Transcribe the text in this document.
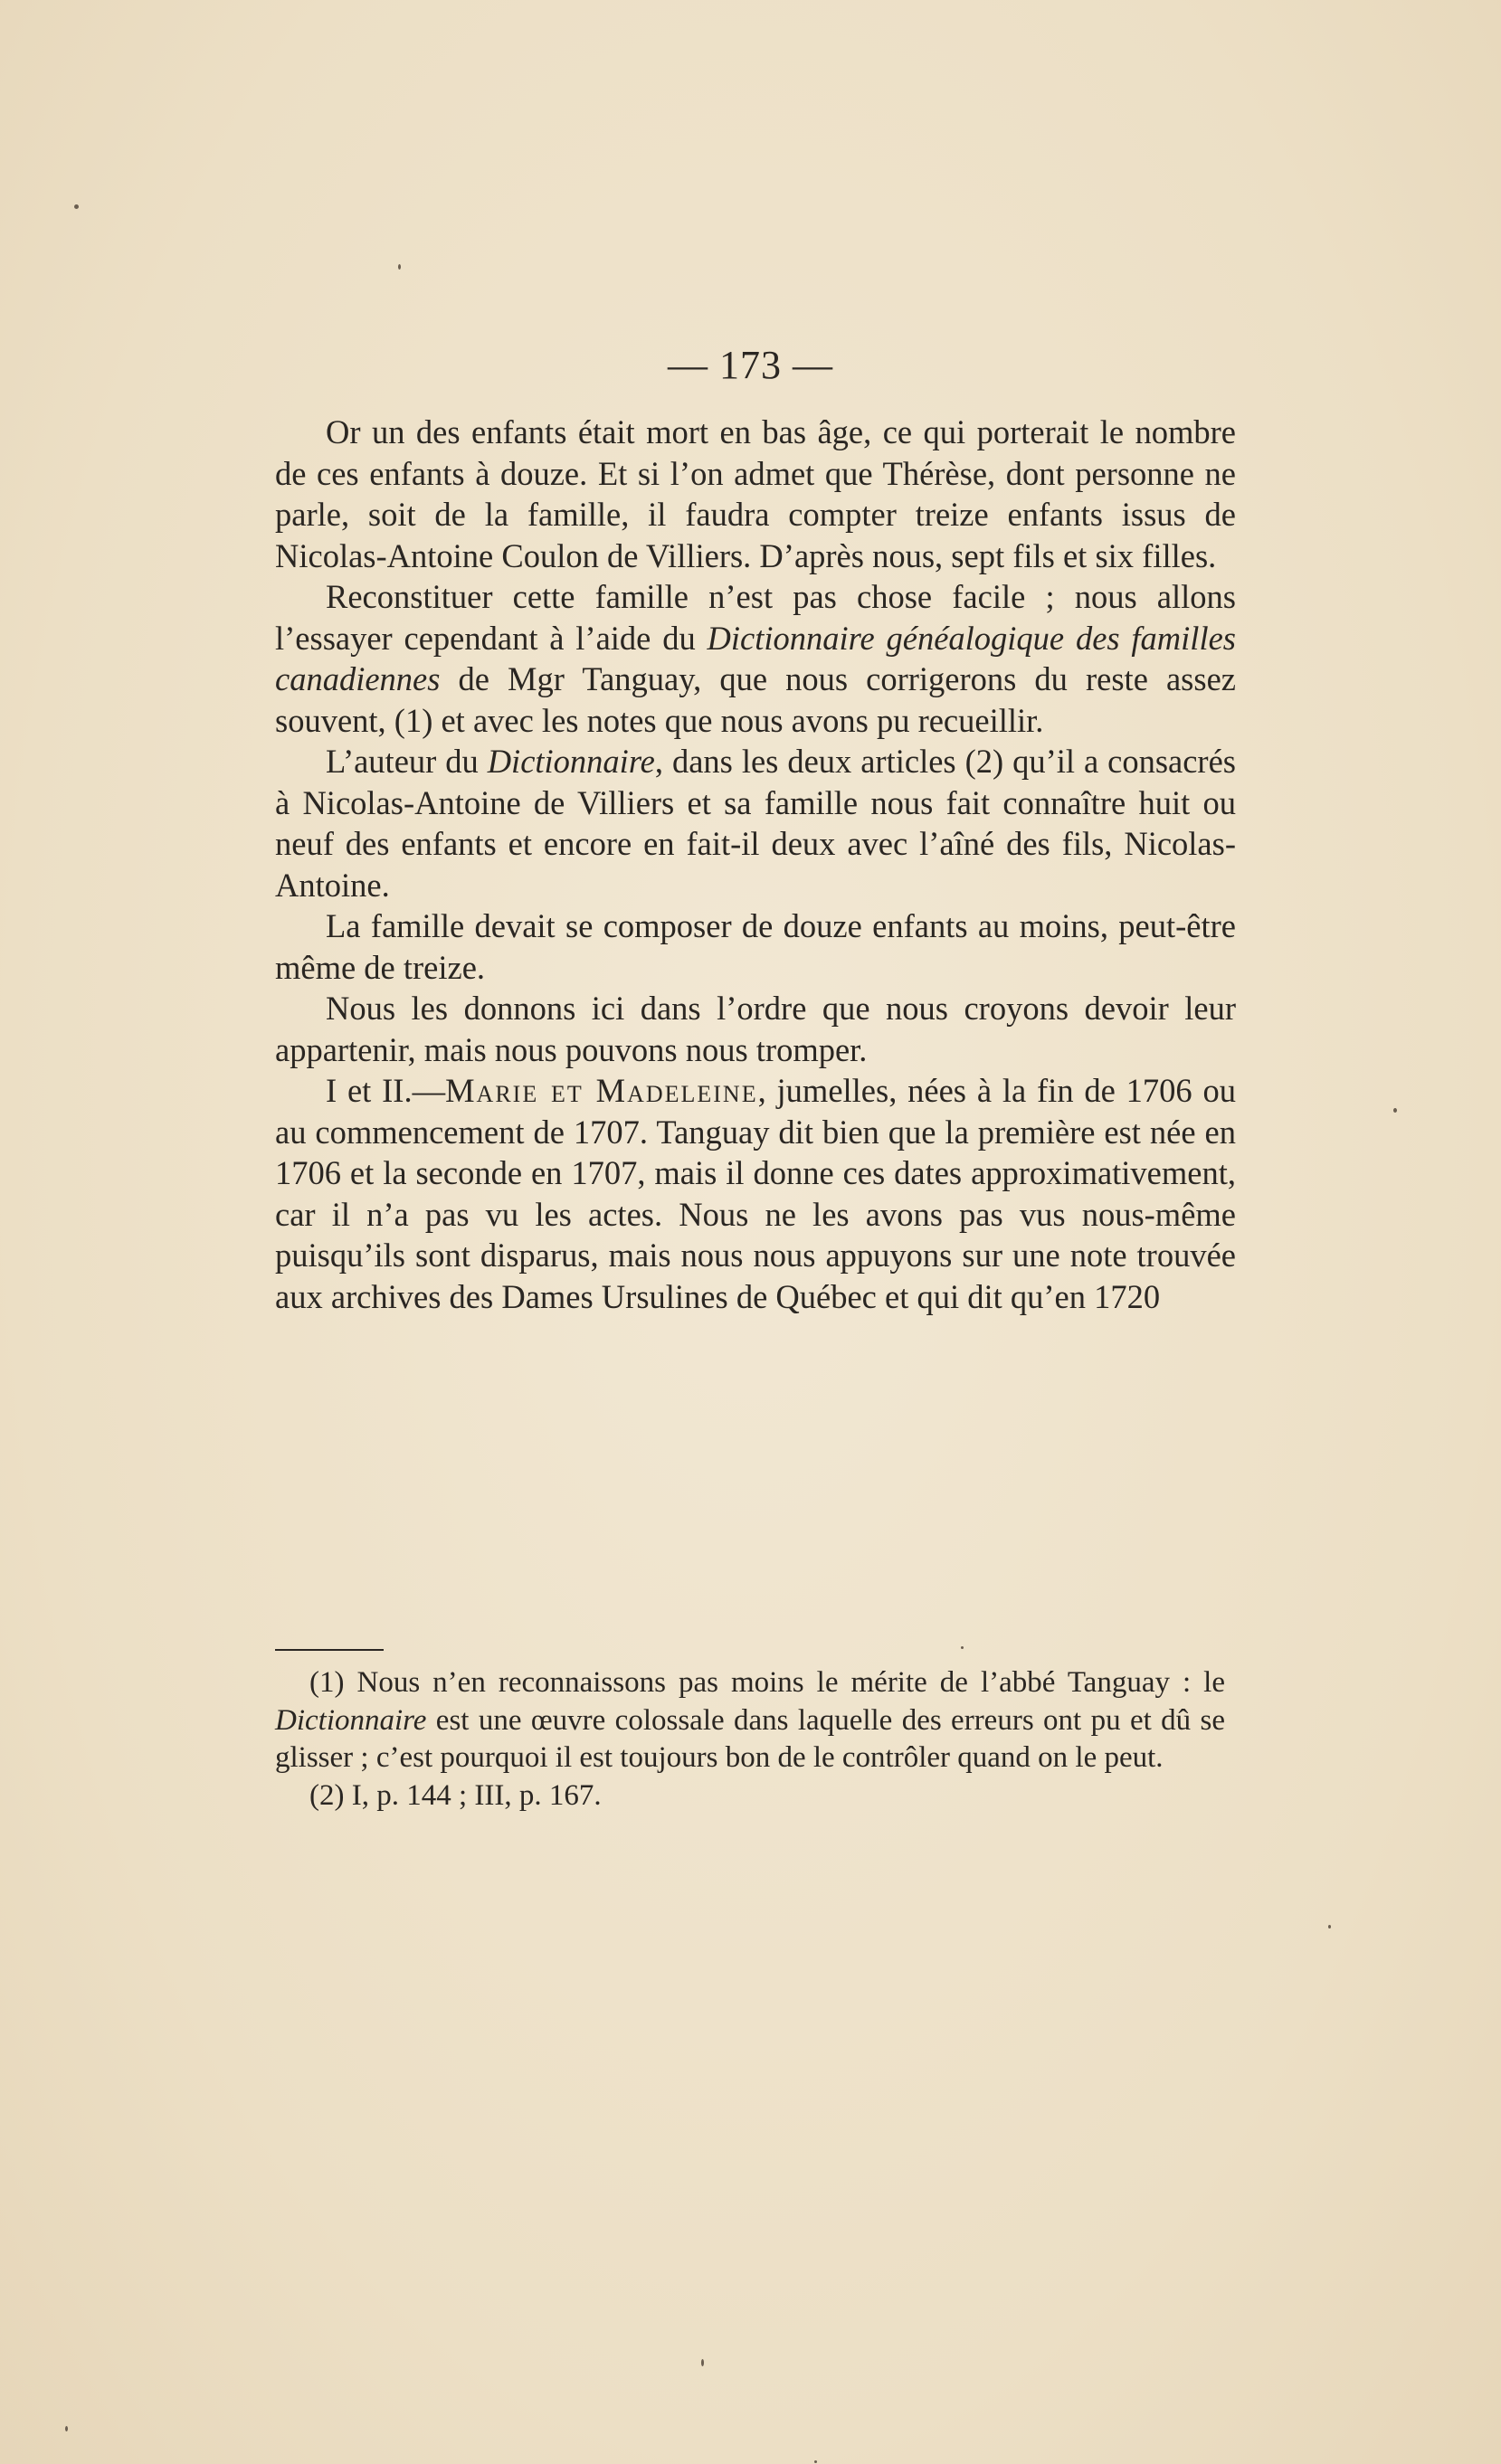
— 173 —

Or un des enfants était mort en bas âge, ce qui porterait le nombre de ces enfants à douze. Et si l’on admet que Thérèse, dont personne ne parle, soit de la famille, il faudra compter treize enfants issus de Nicolas-Antoine Coulon de Villiers. D’après nous, sept fils et six filles.

Reconstituer cette famille n’est pas chose facile ; nous allons l’essayer cependant à l’aide du Dictionnaire généalogique des familles canadiennes de Mgr Tanguay, que nous corrigerons du reste assez souvent, (1) et avec les notes que nous avons pu recueillir.

L’auteur du Dictionnaire, dans les deux articles (2) qu’il a consacrés à Nicolas-Antoine de Villiers et sa famille nous fait connaître huit ou neuf des enfants et encore en fait-il deux avec l’aîné des fils, Nicolas-Antoine.

La famille devait se composer de douze enfants au moins, peut-être même de treize.

Nous les donnons ici dans l’ordre que nous croyons devoir leur appartenir, mais nous pouvons nous tromper.

I et II.—Marie et Madeleine, jumelles, nées à la fin de 1706 ou au commencement de 1707. Tanguay dit bien que la première est née en 1706 et la seconde en 1707, mais il donne ces dates approximativement, car il n’a pas vu les actes. Nous ne les avons pas vus nous-même puisqu’ils sont disparus, mais nous nous appuyons sur une note trouvée aux archives des Dames Ursulines de Québec et qui dit qu’en 1720

(1) Nous n’en reconnaissons pas moins le mérite de l’abbé Tanguay : le Dictionnaire est une œuvre colossale dans laquelle des erreurs ont pu et dû se glisser ; c’est pourquoi il est toujours bon de le contrôler quand on le peut.

(2) I, p. 144 ; III, p. 167.
